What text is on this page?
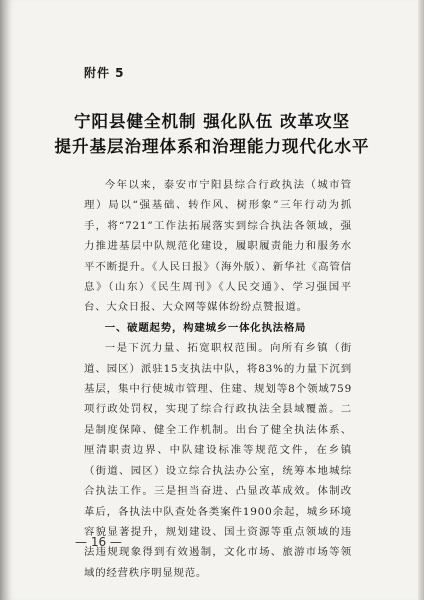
附件 5
宁阳县健全机制 强化队伍 改革攻坚
提升基层治理体系和治理能力现代化水平

今年以来，泰安市宁阳县综合行政执法（城市管理）局以“强基础、转作风、树形象”三年行动为抓手，将“721”工作法拓展落实到综合执法各领域，强力推进基层中队规范化建设，履职履责能力和服务水平不断提升。《人民日报》（海外版）、新华社《高管信息》（山东）《民生周刊》《人民交通》、学习强国平台、大众日报、大众网等媒体纷纷点赞报道。

一、破题起势，构建城乡一体化执法格局

一是下沉力量、拓宽职权范围。向所有乡镇（街道、园区）派驻15支执法中队，将83%的力量下沉到基层，集中行使城市管理、住建、规划等8个领域759项行政处罚权，实现了综合行政执法全县域覆盖。二是制度保障、健全工作机制。出台了健全执法体系、厘清职责边界、中队建设标准等规范文件，在乡镇（街道、园区）设立综合执法办公室，统筹本地城综合执法工作。三是担当奋进、凸显改革成效。体制改革后，各执法中队查处各类案件1900余起，城乡环境容貌显著提升，规划建设、国土资源等重点领域的违法违规现象得到有效遏制，文化市场、旅游市场等领域的经营秩序明显规范。

— 16 —
